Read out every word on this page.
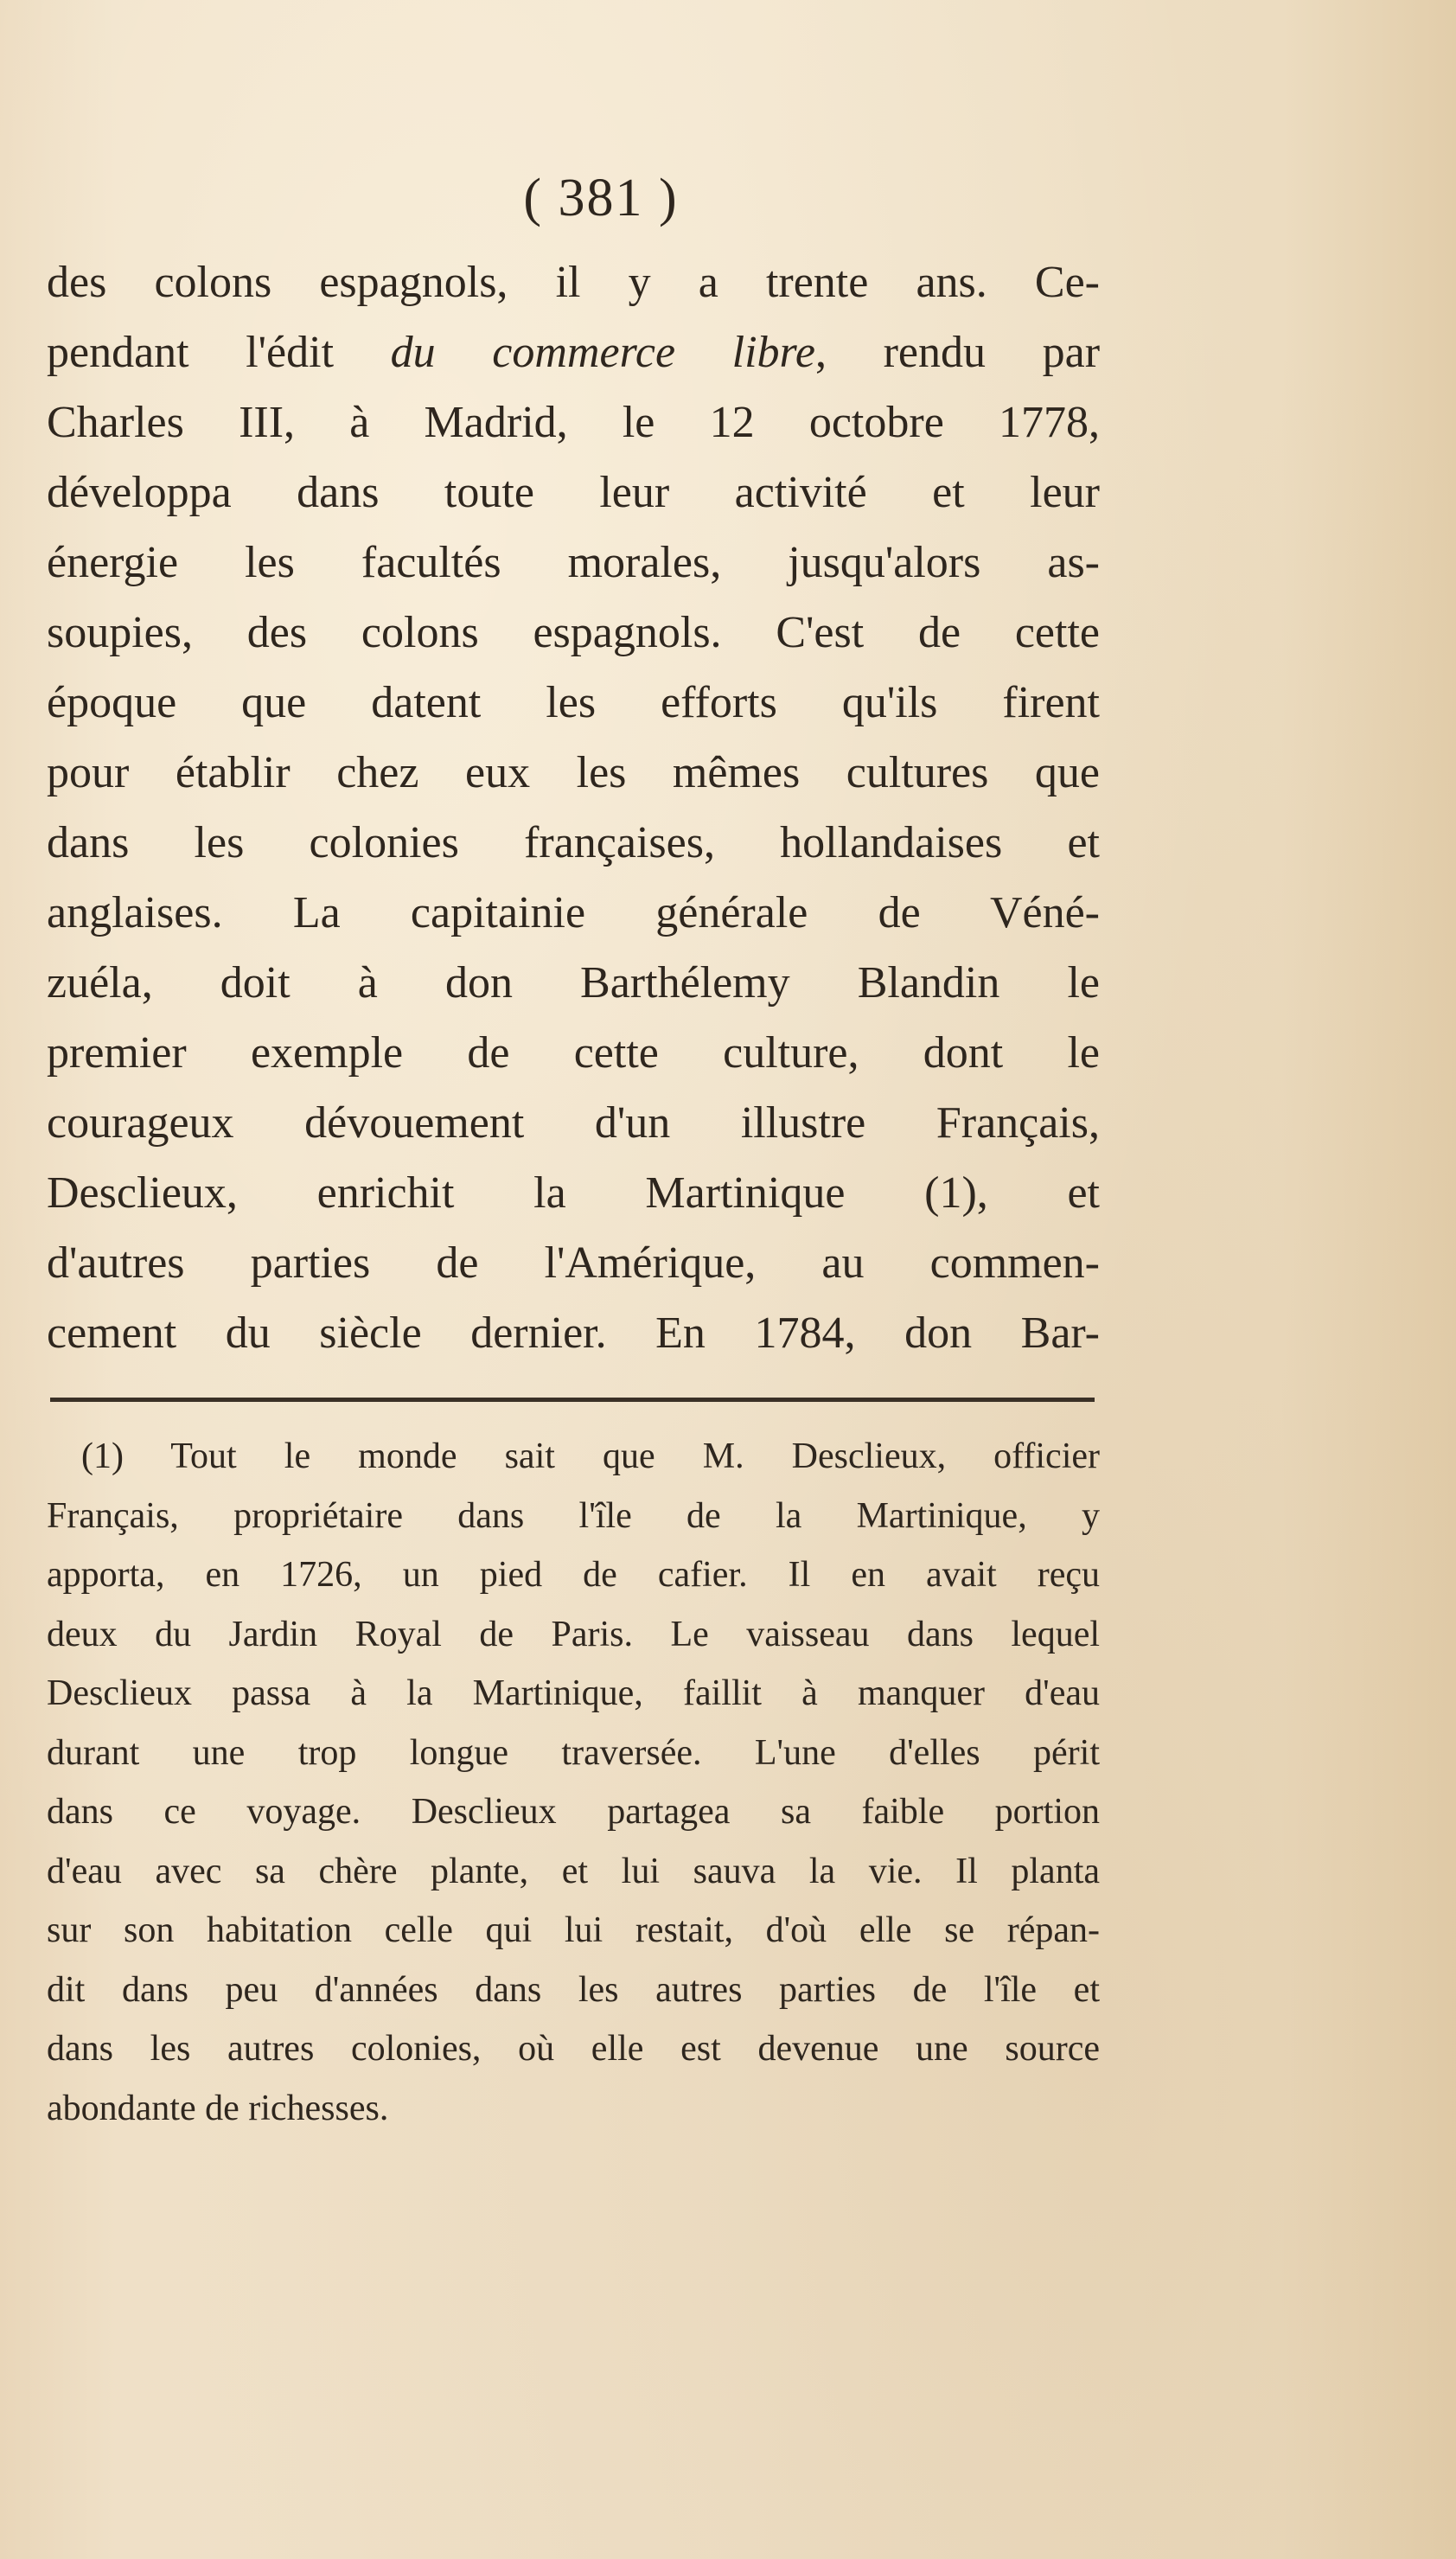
( 381 )
des colons espagnols, il y a trente ans. Ce-
pendant l'édit du commerce libre, rendu par
Charles III, à Madrid, le 12 octobre 1778,
développa dans toute leur activité et leur
énergie les facultés morales, jusqu'alors as-
soupies, des colons espagnols. C'est de cette
époque que datent les efforts qu'ils firent
pour établir chez eux les mêmes cultures que
dans les colonies françaises, hollandaises et
anglaises. La capitainie générale de Véné-
zuéla, doit à don Barthélemy Blandin le
premier exemple de cette culture, dont le
courageux dévouement d'un illustre Français,
Desclieux, enrichit la Martinique (1), et
d'autres parties de l'Amérique, au commen-
cement du siècle dernier. En 1784, don Bar-
(1) Tout le monde sait que M. Desclieux, officier
Français, propriétaire dans l'île de la Martinique, y
apporta, en 1726, un pied de cafier. Il en avait reçu
deux du Jardin Royal de Paris. Le vaisseau dans lequel
Desclieux passa à la Martinique, faillit à manquer d'eau
durant une trop longue traversée. L'une d'elles périt
dans ce voyage. Desclieux partagea sa faible portion
d'eau avec sa chère plante, et lui sauva la vie. Il planta
sur son habitation celle qui lui restait, d'où elle se répan-
dit dans peu d'années dans les autres parties de l'île et
dans les autres colonies, où elle est devenue une source
abondante de richesses.
